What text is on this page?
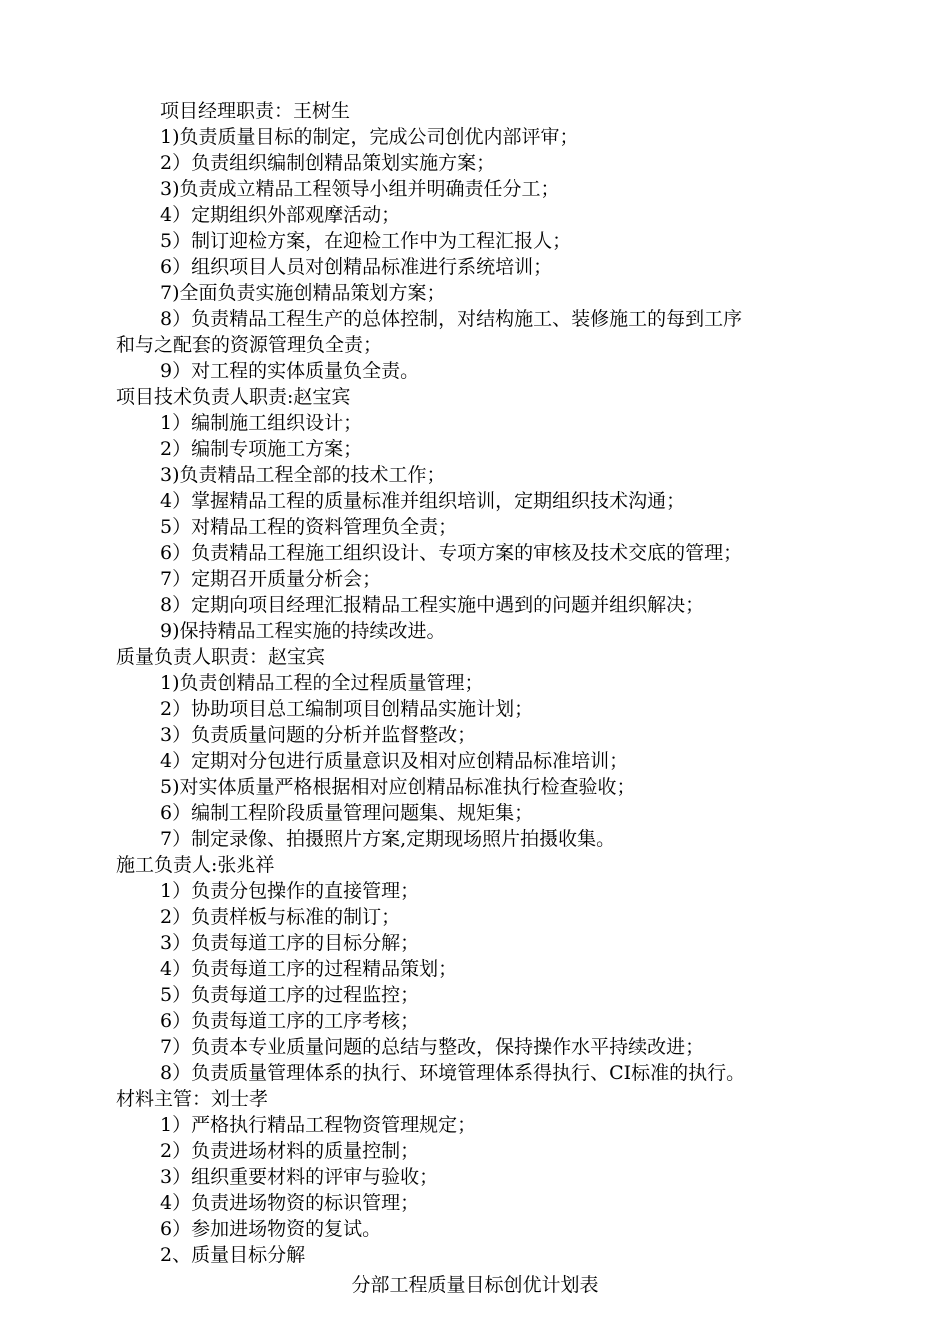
项目经理职责：王树生
1)负责质量目标的制定，完成公司创优内部评审；
2）负责组织编制创精品策划实施方案；
3)负责成立精品工程领导小组并明确责任分工；
4）定期组织外部观摩活动；
5）制订迎检方案，在迎检工作中为工程汇报人；
6）组织项目人员对创精品标准进行系统培训；
7)全面负责实施创精品策划方案；
8）负责精品工程生产的总体控制，对结构施工、装修施工的每到工序
和与之配套的资源管理负全责；
9）对工程的实体质量负全责。
项目技术负责人职责:赵宝宾
1）编制施工组织设计；
2）编制专项施工方案；
3)负责精品工程全部的技术工作；
4）掌握精品工程的质量标准并组织培训，定期组织技术沟通；
5）对精品工程的资料管理负全责；
6）负责精品工程施工组织设计、专项方案的审核及技术交底的管理；
7）定期召开质量分析会；
8）定期向项目经理汇报精品工程实施中遇到的问题并组织解决；
9)保持精品工程实施的持续改进。
质量负责人职责：赵宝宾
1)负责创精品工程的全过程质量管理；
2）协助项目总工编制项目创精品实施计划；
3）负责质量问题的分析并监督整改；
4）定期对分包进行质量意识及相对应创精品标准培训；
5)对实体质量严格根据相对应创精品标准执行检查验收；
6）编制工程阶段质量管理问题集、规矩集；
7）制定录像、拍摄照片方案,定期现场照片拍摄收集。
施工负责人:张兆祥
1）负责分包操作的直接管理；
2）负责样板与标准的制订；
3）负责每道工序的目标分解；
4）负责每道工序的过程精品策划；
5）负责每道工序的过程监控；
6）负责每道工序的工序考核；
7）负责本专业质量问题的总结与整改，保持操作水平持续改进；
8）负责质量管理体系的执行、环境管理体系得执行、CI标准的执行。
材料主管：刘士孝
1）严格执行精品工程物资管理规定；
2）负责进场材料的质量控制；
3）组织重要材料的评审与验收；
4）负责进场物资的标识管理；
6）参加进场物资的复试。
2、质量目标分解
分部工程质量目标创优计划表
